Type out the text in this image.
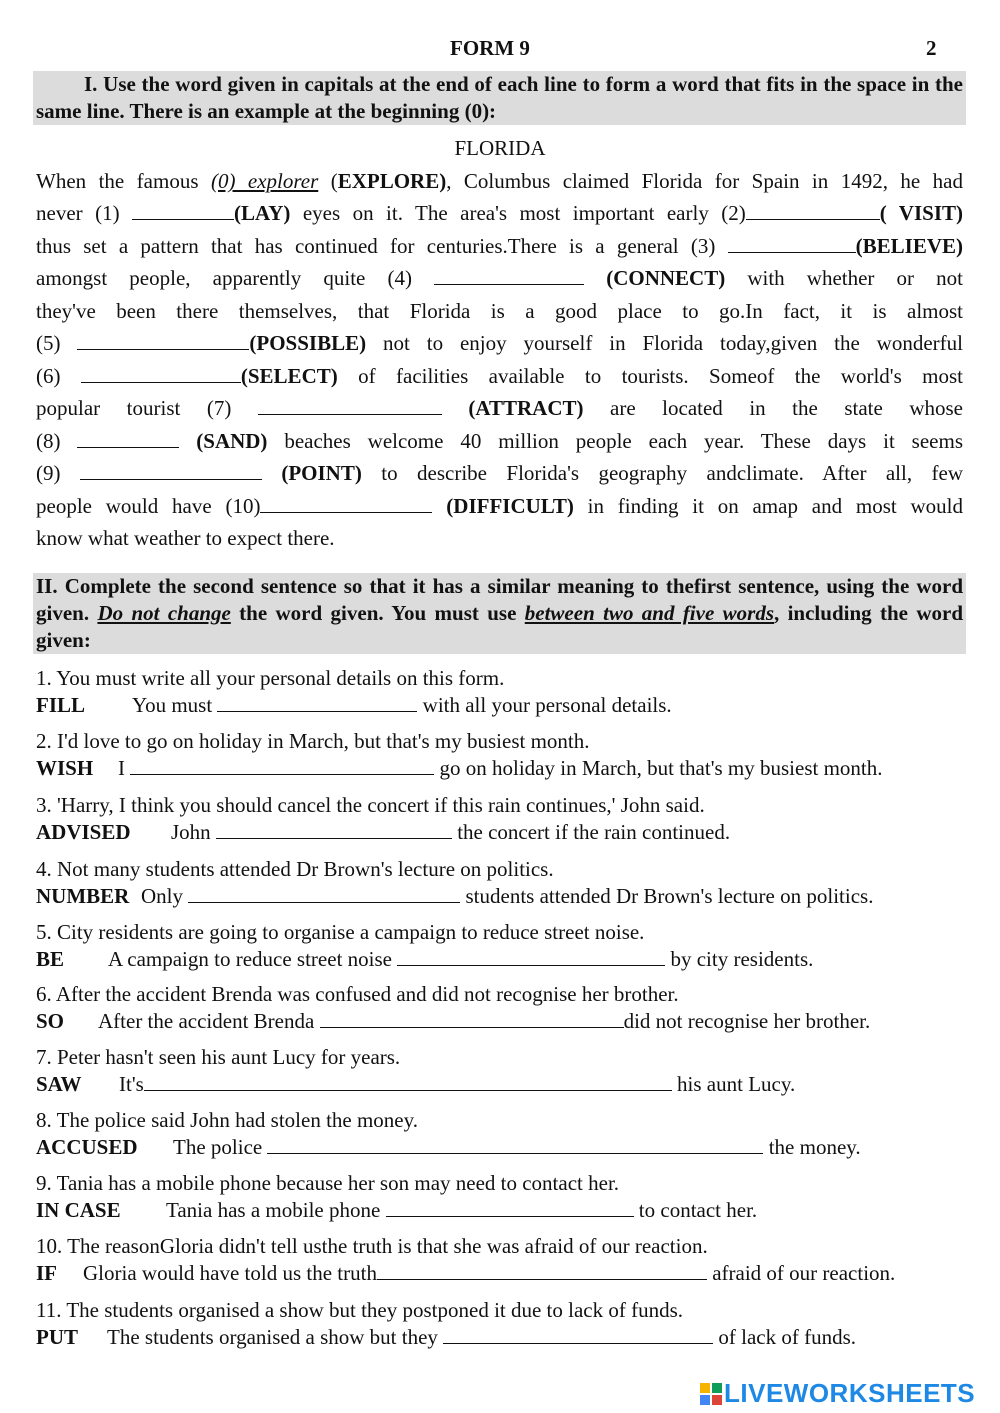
FORM 9	2
I. Use the word given in capitals at the end of each line to form a word that fits in the space in the same line. There is an example at the beginning (0):
FLORIDA
When the famous (0) explorer (EXPLORE), Columbus claimed Florida for Spain in 1492, he had
never (1)	(LAY) eyes on it. The area's most important early (2)	( VISIT)
thus set a pattern that has continued for centuries.There is a general (3)	(BELIEVE)
amongst people, apparently quite (4)	(CONNECT) with whether or not
they've been there themselves, that Florida is a good place to go.In fact, it is almost
(5)	(POSSIBLE) not to enjoy yourself in Florida today,given the wonderful
(6)	(SELECT) of facilities available to tourists. Someof the world's most
popular tourist (7)	(ATTRACT) are located in the state whose
(8)	(SAND) beaches welcome 40 million people each year. These days it seems
(9)	(POINT) to describe Florida's geography andclimate. After all, few
people would have (10)	(DIFFICULT) in finding it on amap and most would
know what weather to expect there.
II. Complete the second sentence so that it has a similar meaning to thefirst sentence, using the word given. Do not change the word given. You must use between two and five words, including the word given:
1. You must write all your personal details on this form.
FILL You must	with all your personal details.
2. I'd love to go on holiday in March, but that's my busiest month.
WISH I	go on holiday in March, but that's my busiest month.
3. 'Harry, I think you should cancel the concert if this rain continues,' John said.
ADVISED John	the concert if the rain continued.
4. Not many students attended Dr Brown's lecture on politics.
NUMBER Only	students attended Dr Brown's lecture on politics.
5. City residents are going to organise a campaign to reduce street noise.
BE A campaign to reduce street noise	by city residents.
6. After the accident Brenda was confused and did not recognise her brother.
SO After the accident Brenda	did not recognise her brother.
7. Peter hasn't seen his aunt Lucy for years.
SAW It's	his aunt Lucy.
8. The police said John had stolen the money.
ACCUSED The police	the money.
9. Tania has a mobile phone because her son may need to contact her.
IN CASE Tania has a mobile phone	to contact her.
10. The reasonGloria didn't tell usthe truth is that she was afraid of our reaction.
IF Gloria would have told us the truth	afraid of our reaction.
11. The students organised a show but they postponed it due to lack of funds.
PUT The students organised a show but they	of lack of funds.
LIVEWORKSHEETS
